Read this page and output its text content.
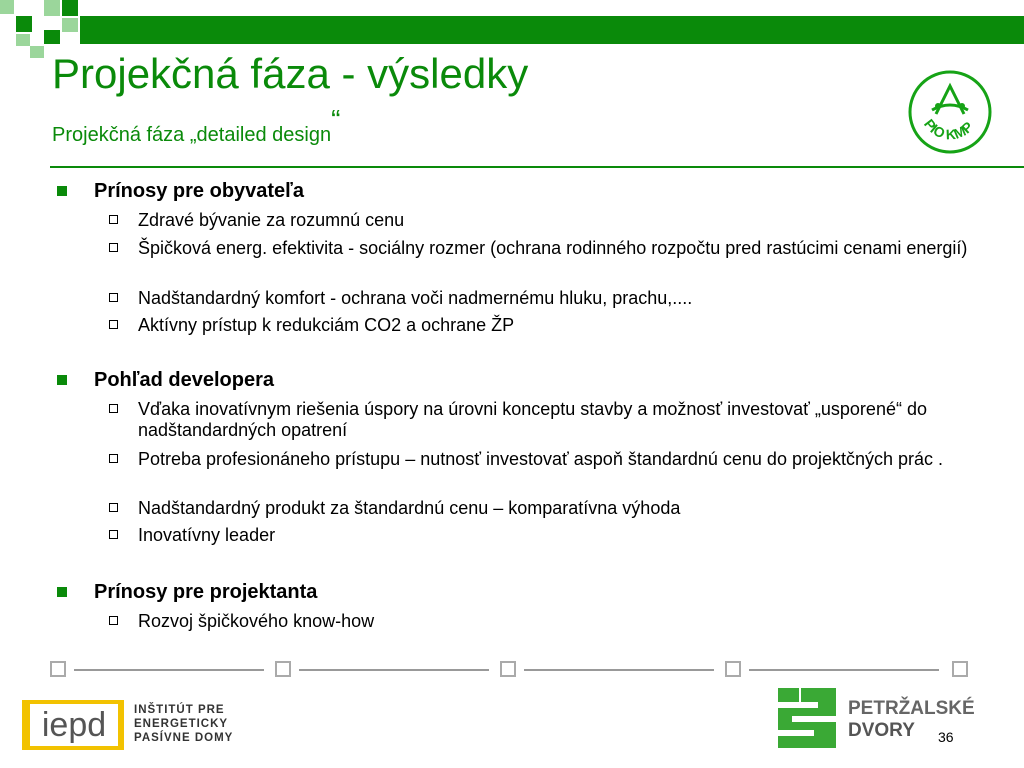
Projekčná fáza - výsledky
Projekčná fáza „detailed design“	PIO KMP
Prínosy pre obyvateľa
Zdravé bývanie za rozumnú cenu
Špičková energ. efektivita - sociálny rozmer (ochrana rodinného rozpočtu pred rastúcimi cenami energií)
Nadštandardný komfort - ochrana voči nadmernému hluku, prachu,....
Aktívny prístup k redukciám CO2 a ochrane ŽP
Pohľad developera
Vďaka inovatívnym riešenia úspory na úrovni konceptu stavby a možnosť investovať „usporené“ do nadštandardných opatrení
Potreba profesionáneho prístupu – nutnosť investovať aspoň štandardnú cenu do projektčných prác .
Nadštandardný produkt za štandardnú cenu – komparatívna výhoda
Inovatívny leader
Prínosy pre projektanta
Rozvoj špičkového know-how
iepd	INŠTITÚT PRE
ENERGETICKY
PASÍVNE DOMY
PETRŽALSKÉ
DVORY	36
